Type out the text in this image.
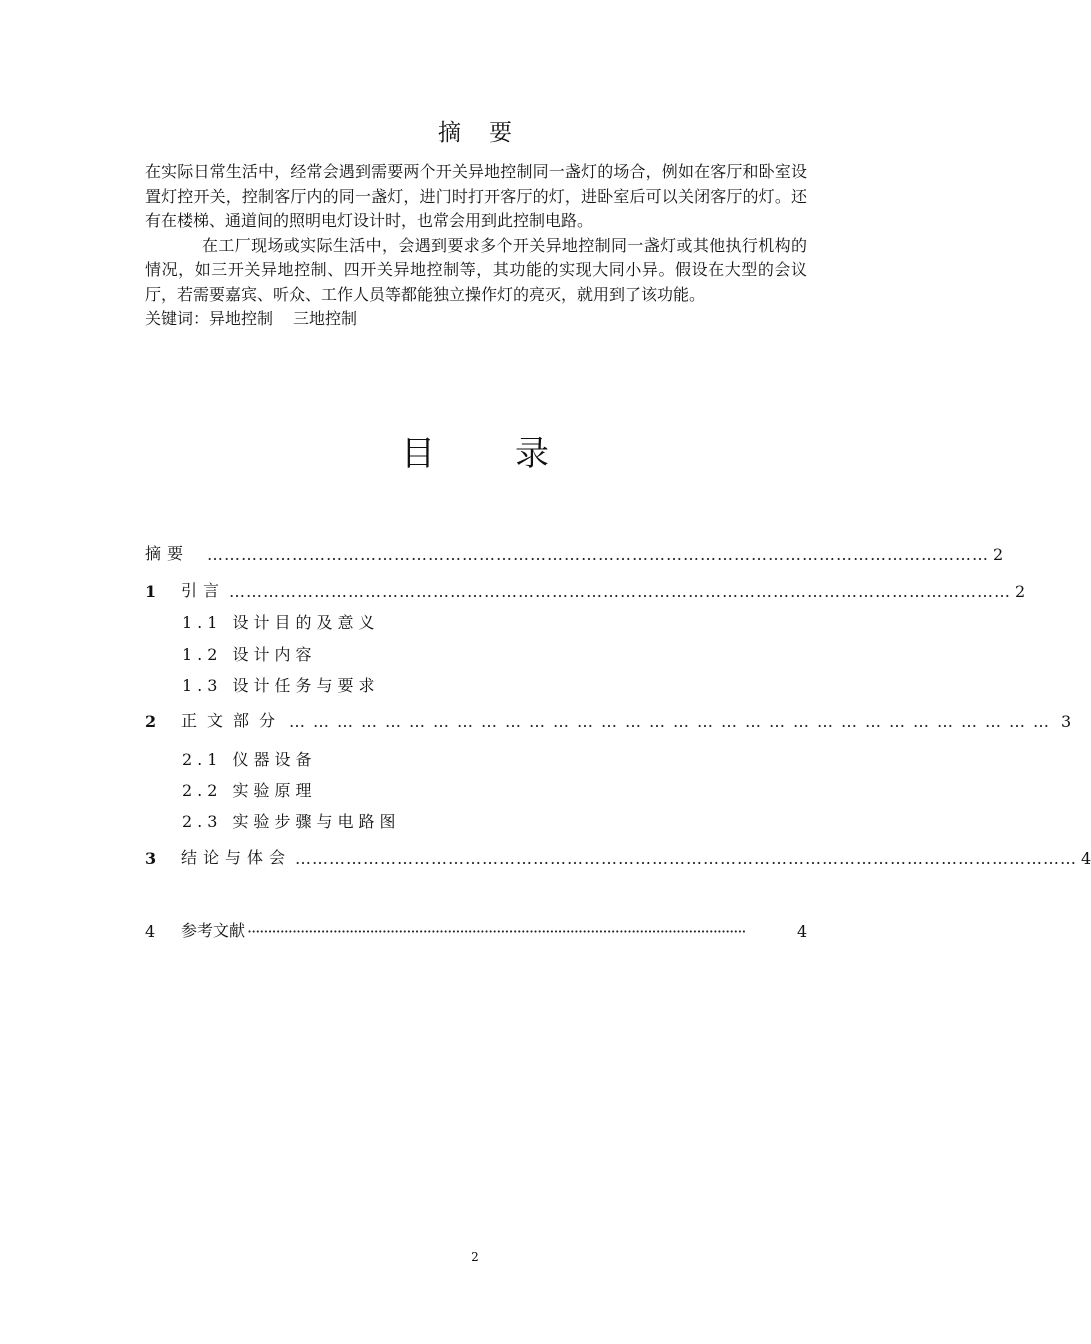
摘要

在实际日常生活中，经常会遇到需要两个开关异地控制同一盏灯的场合，例如在客厅和卧室设置灯控开关，控制客厅内的同一盏灯，进门时打开客厅的灯，进卧室后可以关闭客厅的灯。还有在楼梯、通道间的照明电灯设计时，也常会用到此控制电路。

在工厂现场或实际生活中，会遇到要求多个开关异地控制同一盏灯或其他执行机构的情况，如三开关异地控制、四开关异地控制等，其功能的实现大同小异。假设在大型的会议厅，若需要嘉宾、听众、工作人员等都能独立操作灯的亮灭，就用到了该功能。

关键词：异地控制 三地控制

目录
摘要 ………………………………………………………………………………………………………………………… 2
1	引言 ………………………………………………………………………………………………………………………… 2
1.1 设计目的及意义
1.2 设计内容
1.3 设计任务与要求
2	正文部分 …………………………………………………………………………………… 3
2.1 仪器设备
2.2 实验原理
2.3 实验步骤与电路图
3	结论与体会 ………………………………………………………………………………………………………………………… 4
4	参考文献 ··························································································································	4
2
